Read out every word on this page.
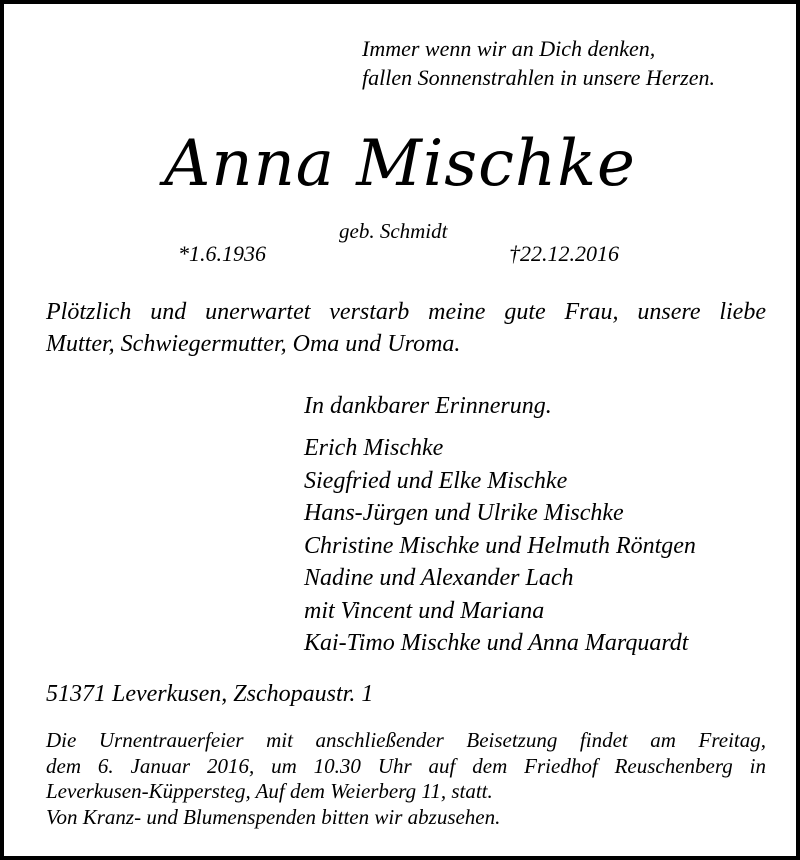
Immer wenn wir an Dich denken,
fallen Sonnenstrahlen in unsere Herzen.
Anna Mischke
geb. Schmidt
*1.6.1936	†22.12.2016
Plötzlich und unerwartet verstarb meine gute Frau, unsere liebe
Mutter, Schwiegermutter, Oma und Uroma.
In dankbarer Erinnerung.
Erich Mischke
Siegfried und Elke Mischke
Hans-Jürgen und Ulrike Mischke
Christine Mischke und Helmuth Röntgen
Nadine und Alexander Lach
mit Vincent und Mariana
Kai-Timo Mischke und Anna Marquardt
51371 Leverkusen, Zschopaustr. 1
Die Urnentrauerfeier mit anschließender Beisetzung findet am Freitag,
dem 6. Januar 2016, um 10.30 Uhr auf dem Friedhof Reuschenberg in
Leverkusen-Küppersteg, Auf dem Weierberg 11, statt.
Von Kranz- und Blumenspenden bitten wir abzusehen.
